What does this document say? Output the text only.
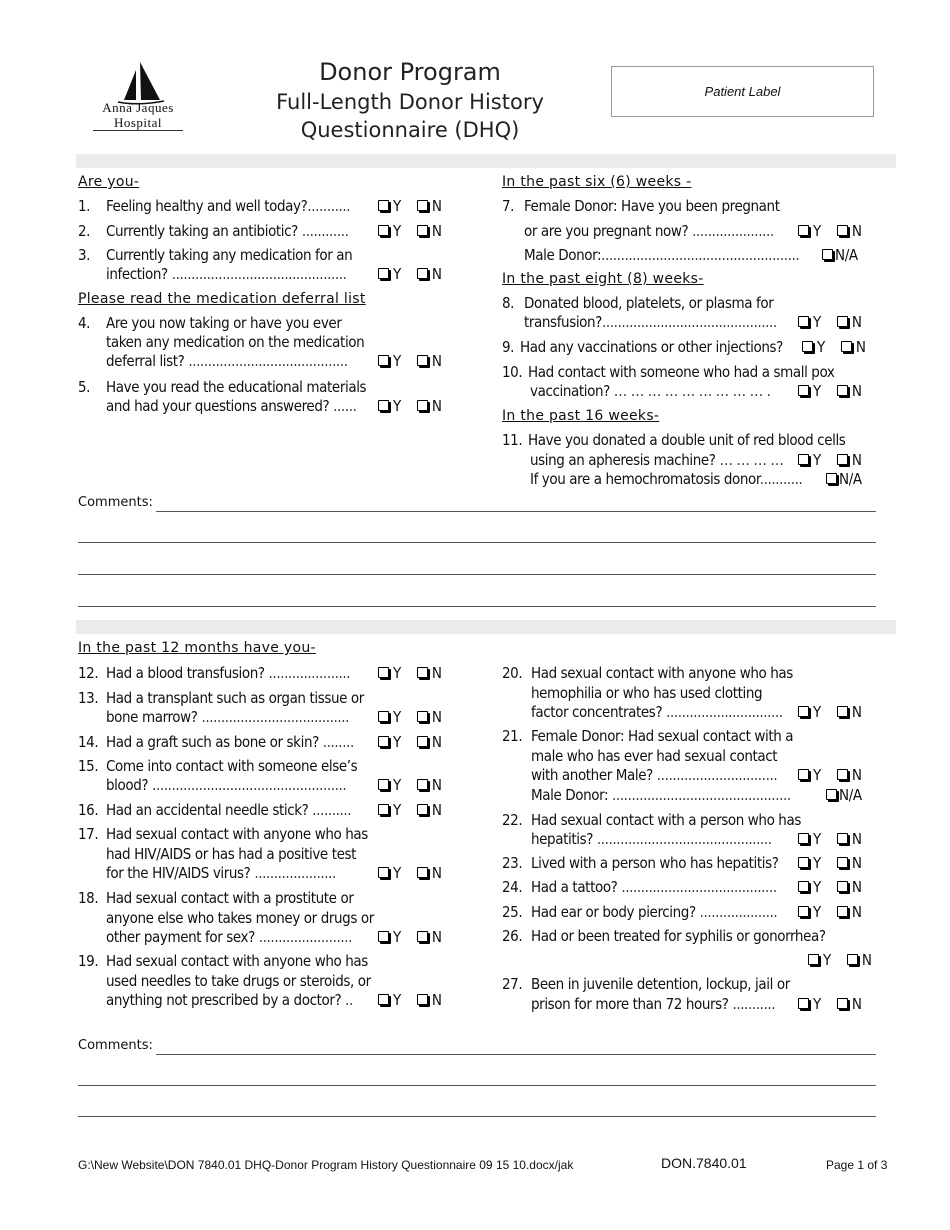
Anna Jaques
Hospital
Donor Program
Full-Length Donor History
Questionnaire (DHQ)
Patient Label
Are you-
1. Feeling healthy and well today?...........	Y N
2. Currently taking an antibiotic? ............	Y N
3. Currently taking any medication for an
infection? .............................................	Y N
Please read the medication deferral list
4. Are you now taking or have you ever
taken any medication on the medication
deferral list? .........................................	Y N
5. Have you read the educational materials
and had your questions answered? ......	Y N
In the past six (6) weeks -
7. Female Donor: Have you been pregnant
or are you pregnant now? .....................	Y N
Male Donor:...................................................	N/A
In the past eight (8) weeks-
8. Donated blood, platelets, or plasma for
transfusion?.............................................	Y N
9. Had any vaccinations or other injections?	Y N
10. Had contact with someone who had a small pox
vaccination? … … … … … … … … … .	Y N
In the past 16 weeks-
11. Have you donated a double unit of red blood cells
using an apheresis machine? … … … …	Y N
If you are a hemochromatosis donor...........	N/A
Comments:
In the past 12 months have you-
12. Had a blood transfusion? .....................	Y N
13. Had a transplant such as organ tissue or
bone marrow? ......................................	Y N
14. Had a graft such as bone or skin? ........	Y N
15. Come into contact with someone else’s
blood? ..................................................	Y N
16. Had an accidental needle stick? ..........	Y N
17. Had sexual contact with anyone who has
had HIV/AIDS or has had a positive test
for the HIV/AIDS virus? .....................	Y N
18. Had sexual contact with a prostitute or
anyone else who takes money or drugs or
other payment for sex? ........................	Y N
19. Had sexual contact with anyone who has
used needles to take drugs or steroids, or
anything not prescribed by a doctor? ..	Y N
20. Had sexual contact with anyone who has
hemophilia or who has used clotting
factor concentrates? ..............................	Y N
21. Female Donor: Had sexual contact with a
male who has ever had sexual contact
with another Male? ...............................	Y N
Male Donor: ..............................................	N/A
22. Had sexual contact with a person who has
hepatitis? .............................................	Y N
23. Lived with a person who has hepatitis?	Y N
24. Had a tattoo? ........................................	Y N
25. Had ear or body piercing? ....................	Y N
26. Had or been treated for syphilis or gonorrhea?
Y N
27. Been in juvenile detention, lockup, jail or
prison for more than 72 hours? ...........	Y N
Comments:
G:\New Website\DON 7840.01 DHQ-Donor Program History Questionnaire 09 15 10.docx/jak	DON.7840.01	Page 1 of 3
